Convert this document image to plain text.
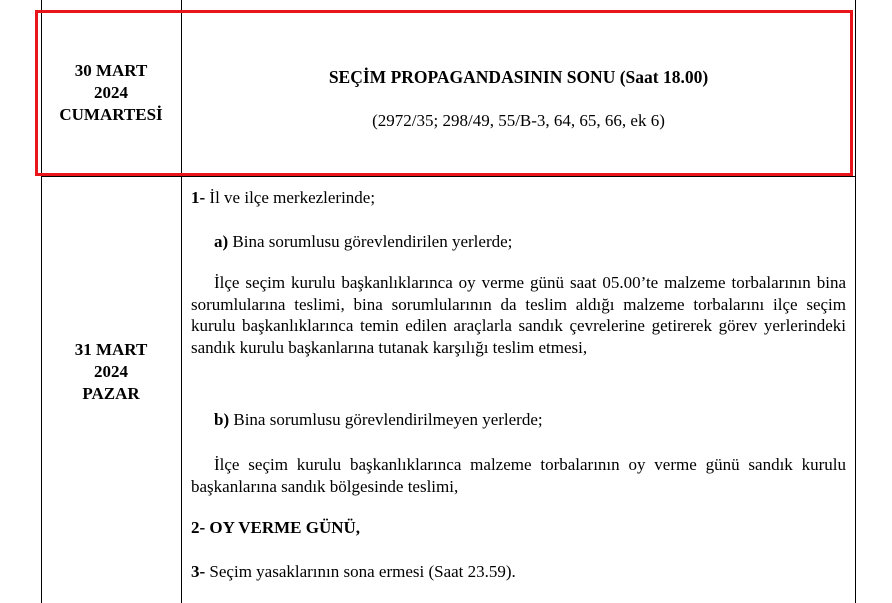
30 MART
2024
CUMARTESİ
SEÇİM PROPAGANDASININ SONU (Saat 18.00)
(2972/35; 298/49, 55/B-3, 64, 65, 66, ek 6)
31 MART
2024
PAZAR
1- İl ve ilçe merkezlerinde;
a) Bina sorumlusu görevlendirilen yerlerde;
İlçe seçim kurulu başkanlıklarınca oy verme günü saat 05.00’te malzeme torbalarının bina sorumlularına teslimi, bina sorumlularının da teslim aldığı malzeme torbalarını ilçe seçim kurulu başkanlıklarınca temin edilen araçlarla sandık çevrelerine getirerek görev yerlerindeki sandık kurulu başkanlarına tutanak karşılığı teslim etmesi,
b) Bina sorumlusu görevlendirilmeyen yerlerde;
İlçe seçim kurulu başkanlıklarınca malzeme torbalarının oy verme günü sandık kurulu başkanlarına sandık bölgesinde teslimi,
2- OY VERME GÜNÜ,
3- Seçim yasaklarının sona ermesi (Saat 23.59).
